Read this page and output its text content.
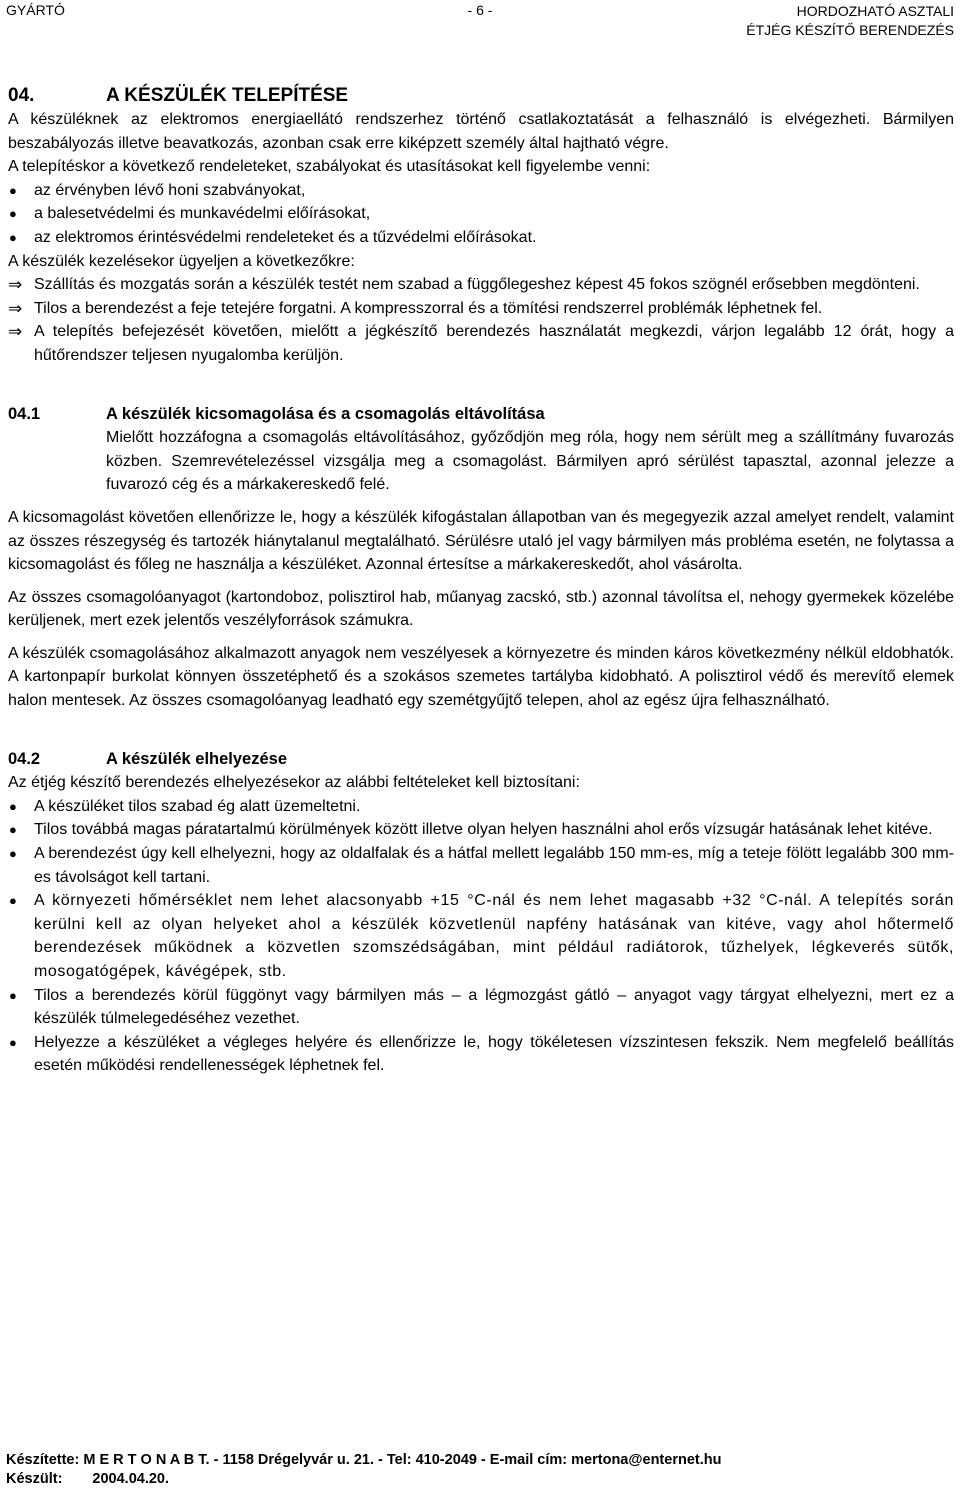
GYÁRTÓ	- 6 -	HORDOZHATÓ ASZTALI
ÉTJÉG KÉSZÍTŐ BERENDEZÉS
04.	A KÉSZÜLÉK TELEPÍTÉSE

A készüléknek az elektromos energiaellátó rendszerhez történő csatlakoztatását a felhasználó is elvégezheti. Bármilyen beszabályozás illetve beavatkozás, azonban csak erre kiképzett személy által hajtható végre.

A telepítéskor a következő rendeleteket, szabályokat és utasításokat kell figyelembe venni:

● az érvényben lévő honi szabványokat,
● a balesetvédelmi és munkavédelmi előírásokat,
● az elektromos érintésvédelmi rendeleteket és a tűzvédelmi előírásokat.

A készülék kezelésekor ügyeljen a következőkre:

⇒ Szállítás és mozgatás során a készülék testét nem szabad a függőlegeshez képest 45 fokos szögnél erősebben megdönteni.
⇒ Tilos a berendezést a feje tetejére forgatni. A kompresszorral és a tömítési rendszerrel problémák léphetnek fel.
⇒ A telepítés befejezését követően, mielőtt a jégkészítő berendezés használatát megkezdi, várjon legalább 12 órát, hogy a hűtőrendszer teljesen nyugalomba kerüljön.
04.1	A készülék kicsomagolása és a csomagolás eltávolítása

Mielőtt hozzáfogna a csomagolás eltávolításához, győződjön meg róla, hogy nem sérült meg a szállítmány fuvarozás közben. Szemrevételezéssel vizsgálja meg a csomagolást. Bármilyen apró sérülést tapasztal, azonnal jelezze a fuvarozó cég és a márkakereskedő felé.

A kicsomagolást követően ellenőrizze le, hogy a készülék kifogástalan állapotban van és megegyezik azzal amelyet rendelt, valamint az összes részegység és tartozék hiánytalanul megtalálható. Sérülésre utaló jel vagy bármilyen más probléma esetén, ne folytassa a kicsomagolást és főleg ne használja a készüléket. Azonnal értesítse a márkakereskedőt, ahol vásárolta.

Az összes csomagolóanyagot (kartondoboz, polisztirol hab, műanyag zacskó, stb.) azonnal távolítsa el, nehogy gyermekek közelébe kerüljenek, mert ezek jelentős veszélyforrások számukra.

A készülék csomagolásához alkalmazott anyagok nem veszélyesek a környezetre és minden káros következmény nélkül eldobhatók. A kartonpapír burkolat könnyen összetéphető és a szokásos szemetes tartályba kidobható. A polisztirol védő és merevítő elemek halon mentesek. Az összes csomagolóanyag leadható egy szemétgyűjtő telepen, ahol az egész újra felhasználható.

04.2	A készülék elhelyezése

Az étjég készítő berendezés elhelyezésekor az alábbi feltételeket kell biztosítani:

● A készüléket tilos szabad ég alatt üzemeltetni.
● Tilos továbbá magas páratartalmú körülmények között illetve olyan helyen használni ahol erős vízsugár hatásának lehet kitéve.
● A berendezést úgy kell elhelyezni, hogy az oldalfalak és a hátfal mellett legalább 150 mm-es, míg a teteje fölött legalább 300 mm-es távolságot kell tartani.
● A környezeti hőmérséklet nem lehet alacsonyabb +15 °C-nál és nem lehet magasabb +32 °C-nál. A telepítés során kerülni kell az olyan helyeket ahol a készülék közvetlenül napfény hatásának van kitéve, vagy ahol hőtermelő berendezések működnek a közvetlen szomszédságában, mint például radiátorok, tűzhelyek, légkeverés sütők, mosogatógépek, kávégépek, stb.
● Tilos a berendezés körül függönyt vagy bármilyen más – a légmozgást gátló – anyagot vagy tárgyat elhelyezni, mert ez a készülék túlmelegedéséhez vezethet.
● Helyezze a készüléket a végleges helyére és ellenőrizze le, hogy tökéletesen vízszintesen fekszik. Nem megfelelő beállítás esetén működési rendellenességek léphetnek fel.
Készítette: M E R T O N A B T. - 1158 Drégelyvár u. 21. - Tel: 410-2049 - E-mail cím: mertona@enternet.hu
Készült: 2004.04.20.
